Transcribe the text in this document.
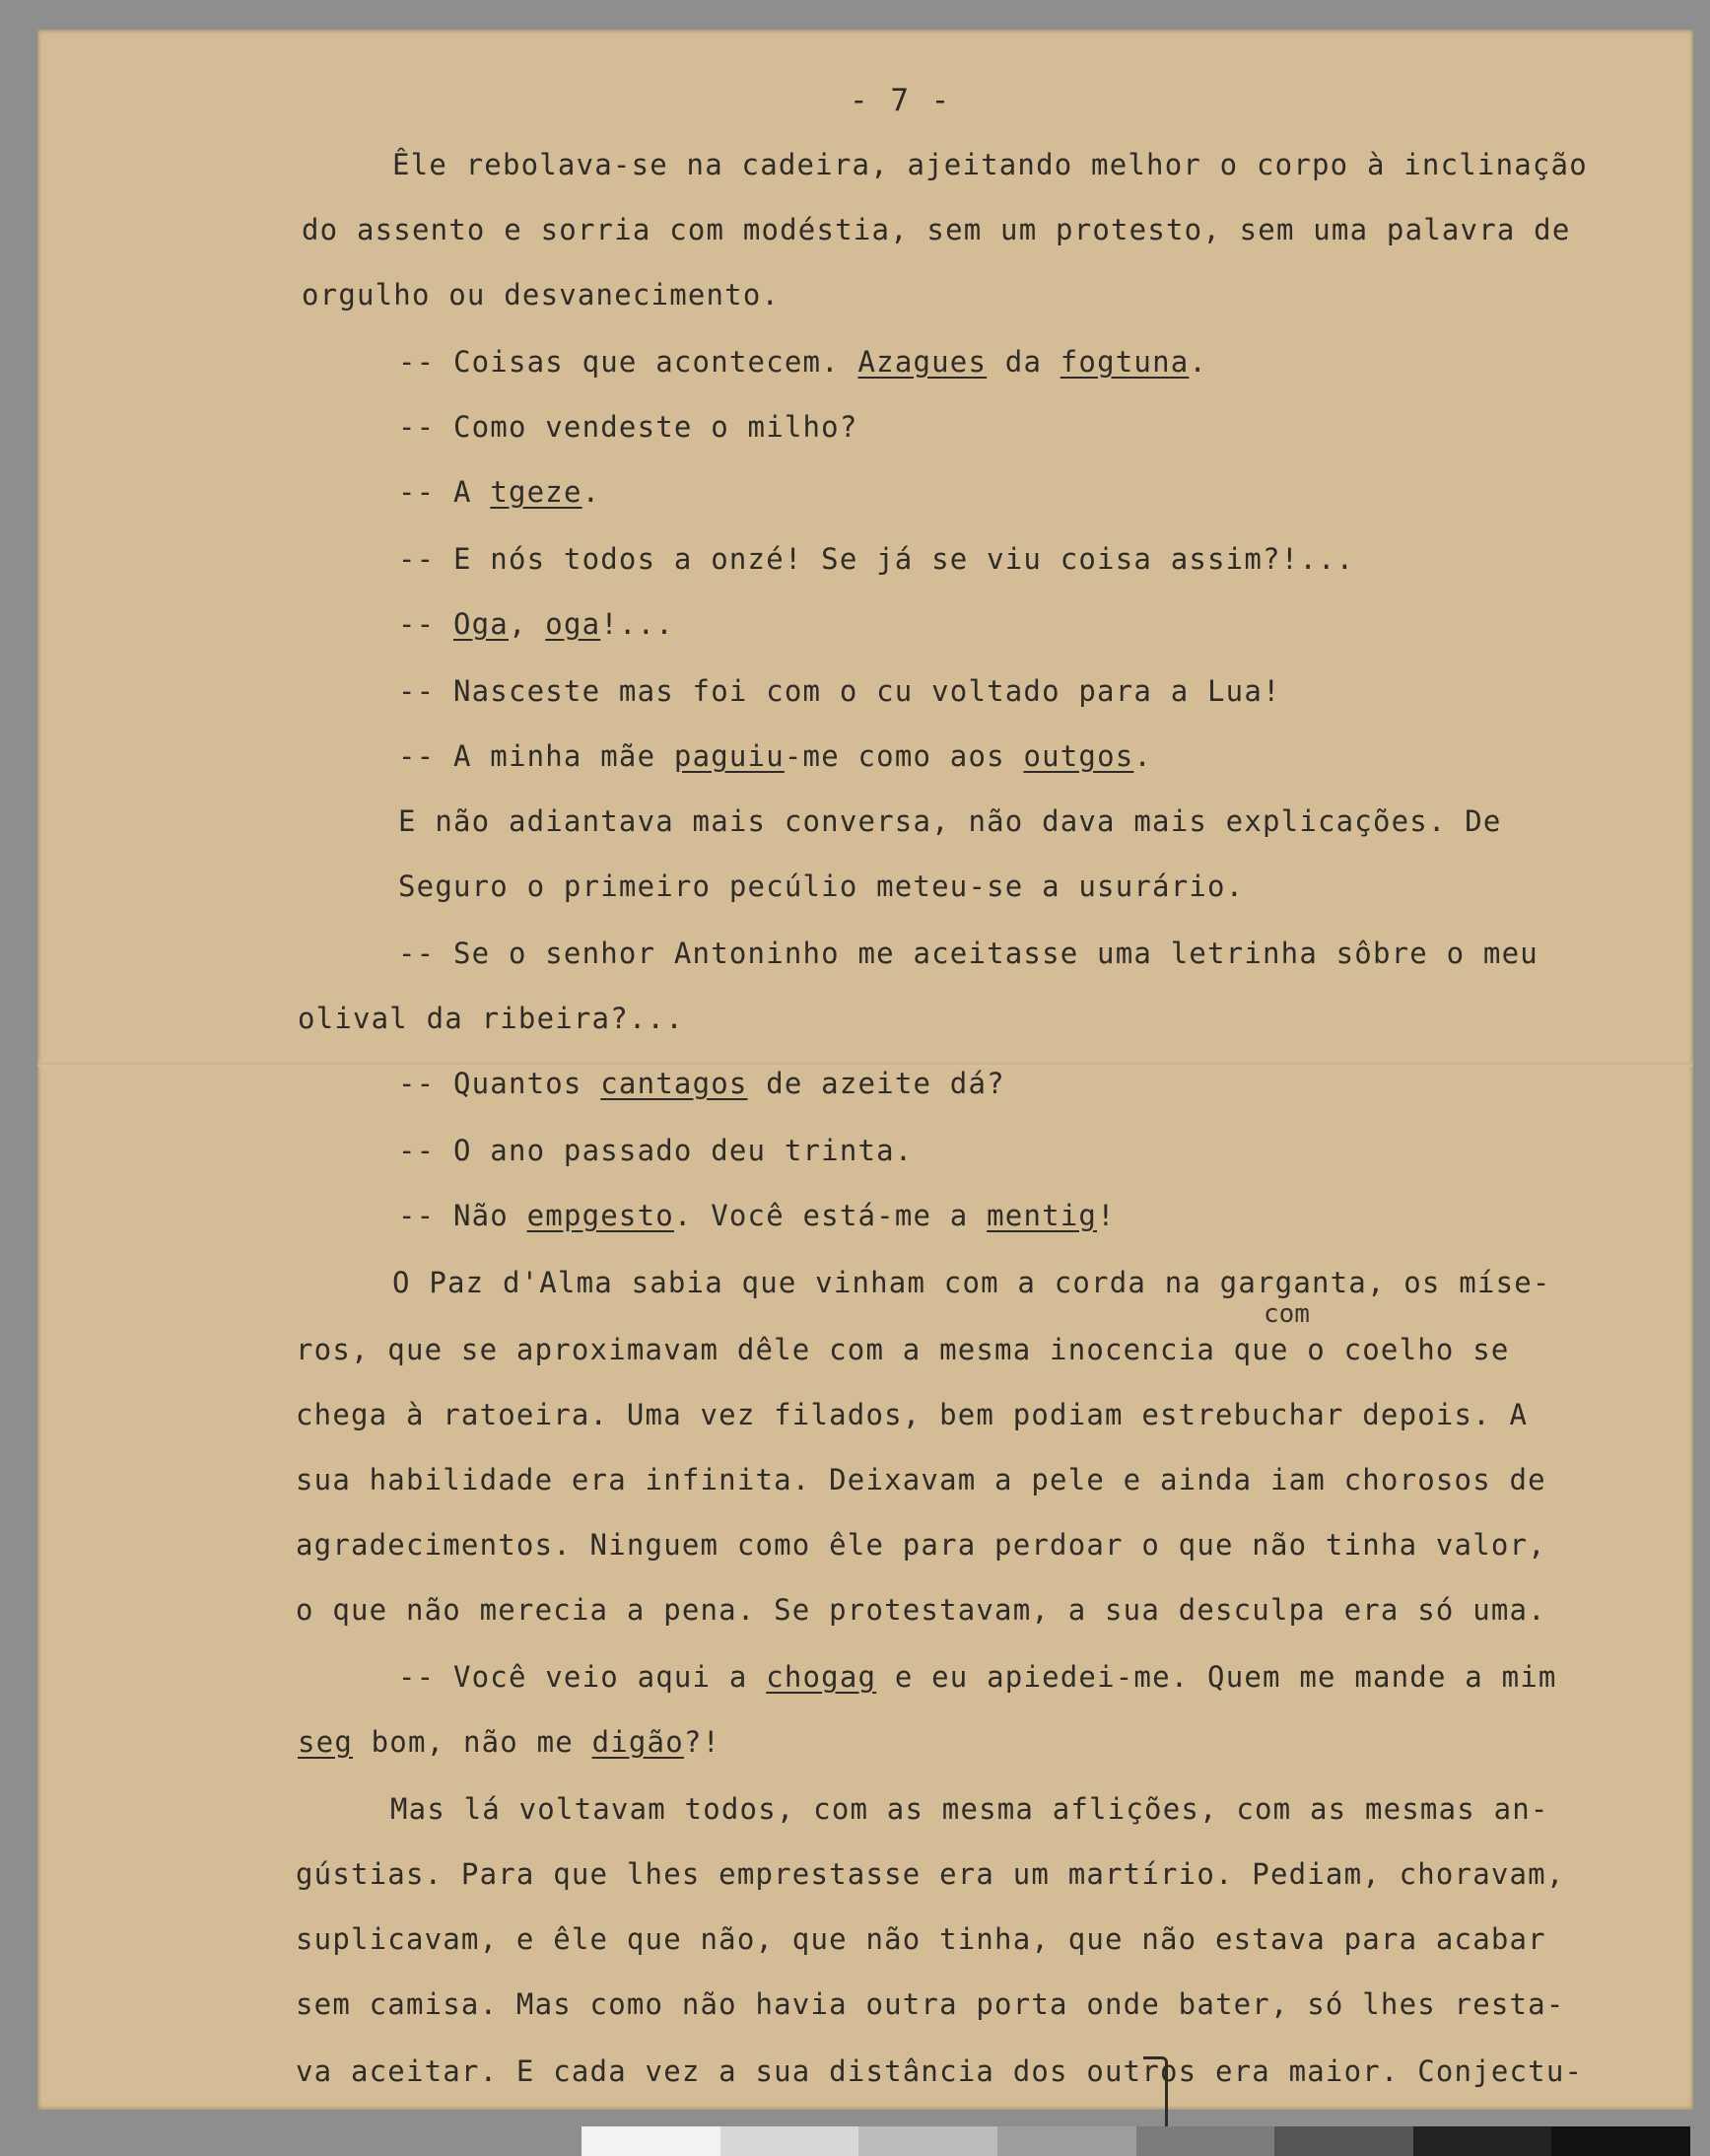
- 7 -
Êle rebolava-se na cadeira, ajeitando melhor o corpo à inclinação
do assento e sorria com modéstia, sem um protesto, sem uma palavra de
orgulho ou desvanecimento.
-- Coisas que acontecem. Azagues da fogtuna.
-- Como vendeste o milho?
-- A tgeze.
-- E nós todos a onzé! Se já se viu coisa assim?!...
-- Oga, oga!...
-- Nasceste mas foi com o cu voltado para a Lua!
-- A minha mãe paguiu-me como aos outgos.
E não adiantava mais conversa, não dava mais explicações. De
Seguro o primeiro pecúlio meteu-se a usurário.
-- Se o senhor Antoninho me aceitasse uma letrinha sôbre o meu
olival da ribeira?...
-- Quantos cantagos de azeite dá?
-- O ano passado deu trinta.
-- Não empgesto. Você está-me a mentig!
O Paz d'Alma sabia que vinham com a corda na garganta, os míse-
ros, que se aproximavam dêle com a mesma inocencia que o coelho se
chega à ratoeira. Uma vez filados, bem podiam estrebuchar depois. A
sua habilidade era infinita. Deixavam a pele e ainda iam chorosos de
agradecimentos. Ninguem como êle para perdoar o que não tinha valor,
o que não merecia a pena. Se protestavam, a sua desculpa era só uma.
-- Você veio aqui a chogag e eu apiedei-me. Quem me mande a mim
seg bom, não me digão?!
Mas lá voltavam todos, com as mesma aflições, com as mesmas an-
gústias. Para que lhes emprestasse era um martírio. Pediam, choravam,
suplicavam, e êle que não, que não tinha, que não estava para acabar
sem camisa. Mas como não havia outra porta onde bater, só lhes resta-
va aceitar. E cada vez a sua distância dos outros era maior. Conjectu-
com
